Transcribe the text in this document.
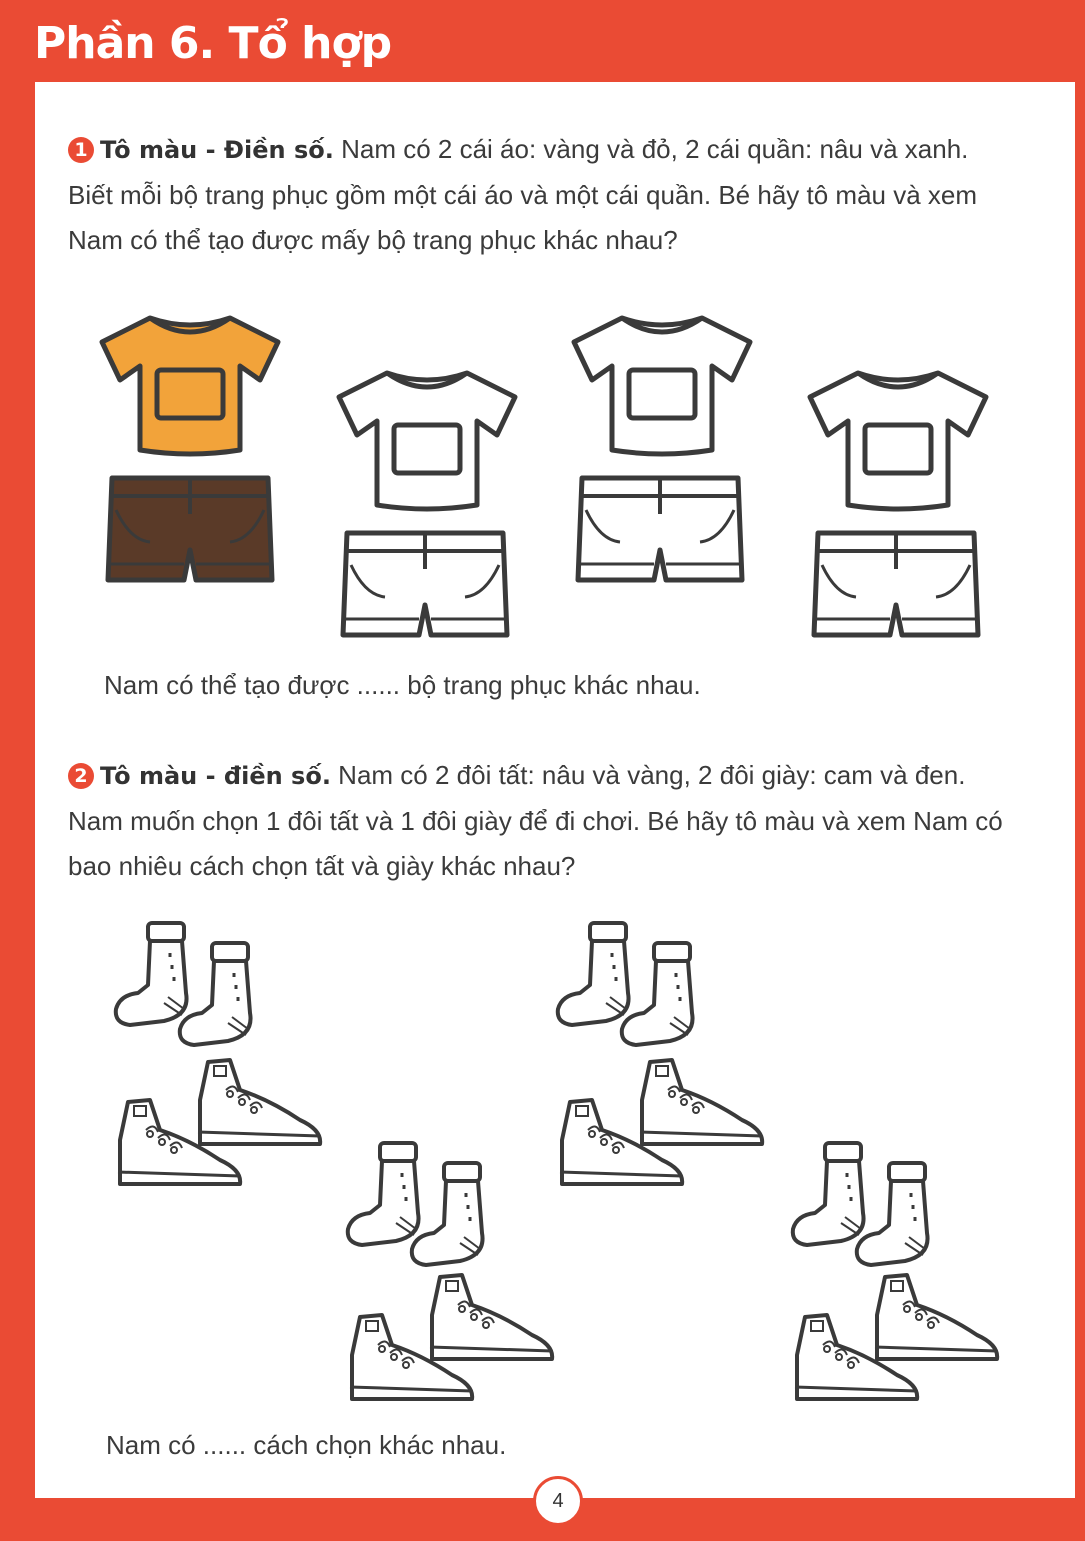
Phần 6. Tổ hợp
1 Tô màu - Điền số. Nam có 2 cái áo: vàng và đỏ, 2 cái quần: nâu và xanh. Biết mỗi bộ trang phục gồm một cái áo và một cái quần. Bé hãy tô màu và xem Nam có thể tạo được mấy bộ trang phục khác nhau?
Nam có thể tạo được ...... bộ trang phục khác nhau.
2 Tô màu - điền số. Nam có 2 đôi tất: nâu và vàng, 2 đôi giày: cam và đen. Nam muốn chọn 1 đôi tất và 1 đôi giày để đi chơi. Bé hãy tô màu và xem Nam có bao nhiêu cách chọn tất và giày khác nhau?
Nam có ...... cách chọn khác nhau.
4
